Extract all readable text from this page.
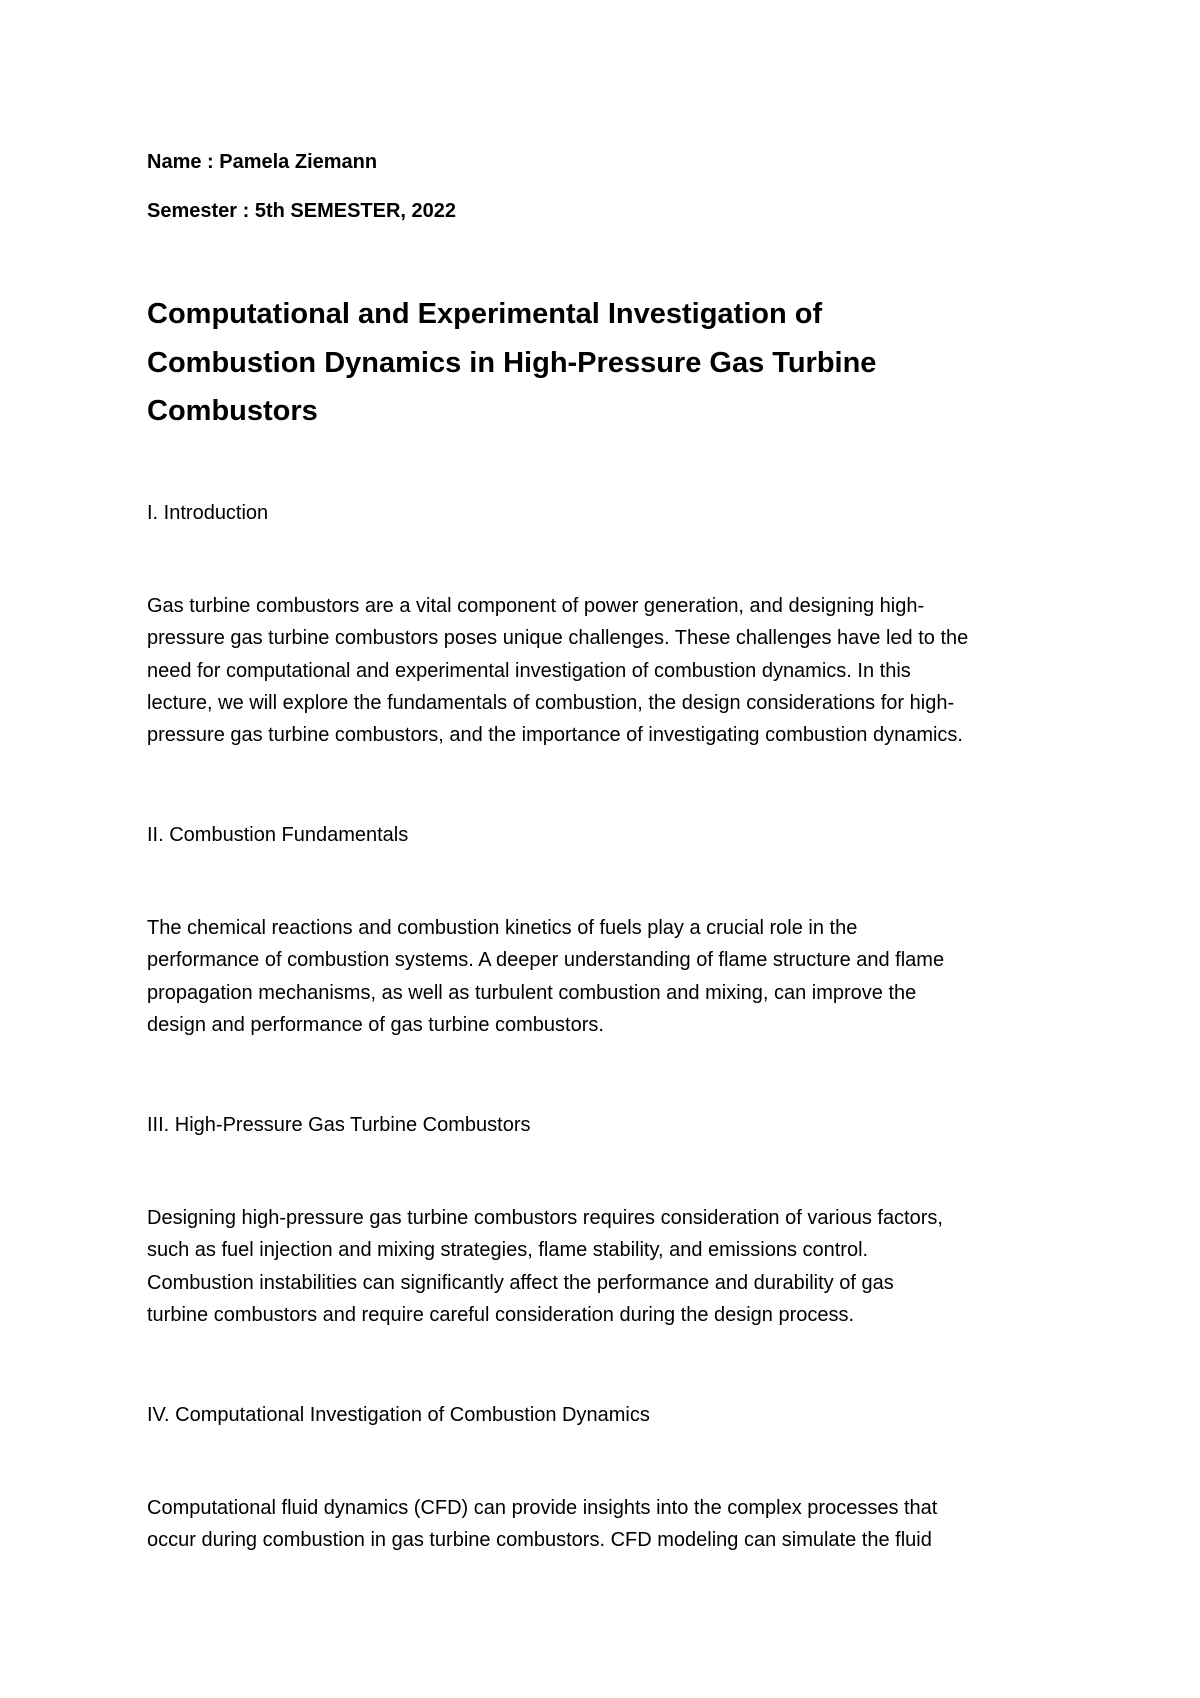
Name : Pamela Ziemann
Semester : 5th SEMESTER, 2022
Computational and Experimental Investigation of
Combustion Dynamics in High-Pressure Gas Turbine
Combustors
I. Introduction

Gas turbine combustors are a vital component of power generation, and designing high-
pressure gas turbine combustors poses unique challenges. These challenges have led to the
need for computational and experimental investigation of combustion dynamics. In this
lecture, we will explore the fundamentals of combustion, the design considerations for high-
pressure gas turbine combustors, and the importance of investigating combustion dynamics.

II. Combustion Fundamentals

The chemical reactions and combustion kinetics of fuels play a crucial role in the
performance of combustion systems. A deeper understanding of flame structure and flame
propagation mechanisms, as well as turbulent combustion and mixing, can improve the
design and performance of gas turbine combustors.

III. High-Pressure Gas Turbine Combustors

Designing high-pressure gas turbine combustors requires consideration of various factors,
such as fuel injection and mixing strategies, flame stability, and emissions control.
Combustion instabilities can significantly affect the performance and durability of gas
turbine combustors and require careful consideration during the design process.

IV. Computational Investigation of Combustion Dynamics

Computational fluid dynamics (CFD) can provide insights into the complex processes that
occur during combustion in gas turbine combustors. CFD modeling can simulate the fluid
